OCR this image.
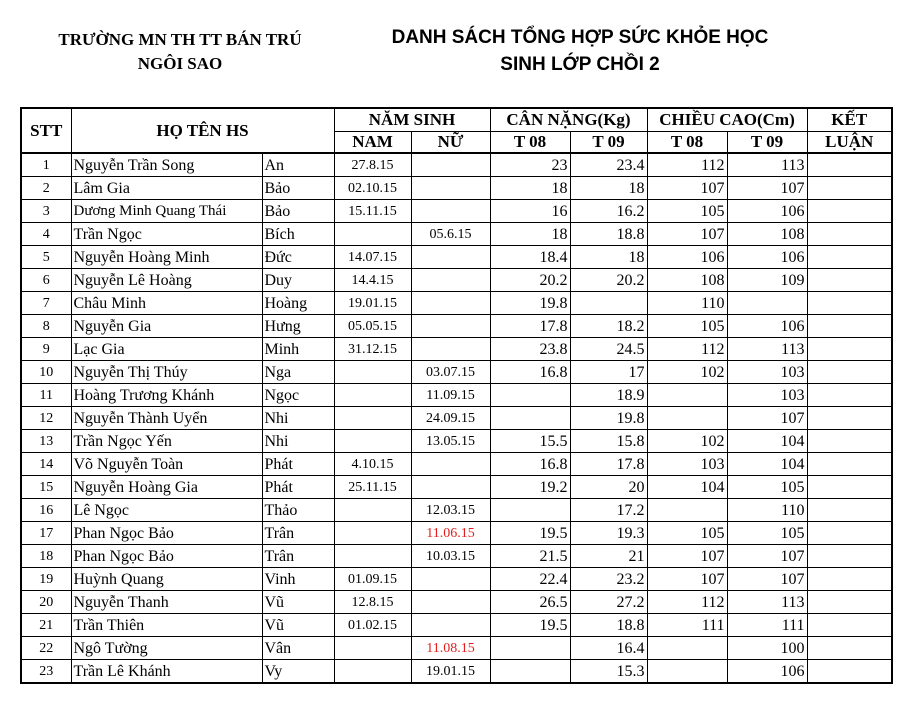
TRƯỜNG MN TH TT BÁN TRÚ
NGÔI SAO
DANH SÁCH TỔNG HỢP SỨC KHỎE HỌC
SINH LỚP CHỒI 2
STT	HỌ TÊN HS		NĂM SINH		CÂN NẶNG(Kg)		CHIỀU CAO(Cm)		KẾT
			NAM	NỮ	T 08	T 09	T 08	T 09	LUẬN
1	Nguyễn Trần Song	An	27.8.15		23	23.4	112	113	
2	Lâm Gia	Bảo	02.10.15		18	18	107	107	
3	Dương Minh Quang Thái	Bảo	15.11.15		16	16.2	105	106	
4	Trần Ngọc	Bích		05.6.15	18	18.8	107	108	
5	Nguyễn Hoàng Minh	Đức	14.07.15		18.4	18	106	106	
6	Nguyễn Lê Hoàng	Duy	14.4.15		20.2	20.2	108	109	
7	Châu Minh	Hoàng	19.01.15		19.8		110		
8	Nguyễn Gia	Hưng	05.05.15		17.8	18.2	105	106	
9	Lạc Gia	Minh	31.12.15		23.8	24.5	112	113	
10	Nguyễn Thị Thúy	Nga		03.07.15	16.8	17	102	103	
11	Hoàng Trương Khánh	Ngọc		11.09.15		18.9		103	
12	Nguyễn Thành Uyển	Nhi		24.09.15		19.8		107	
13	Trần Ngọc Yến	Nhi		13.05.15	15.5	15.8	102	104	
14	Võ Nguyễn Toàn	Phát	4.10.15		16.8	17.8	103	104	
15	Nguyễn Hoàng Gia	Phát	25.11.15		19.2	20	104	105	
16	Lê Ngọc	Thảo		12.03.15		17.2		110	
17	Phan Ngọc Bảo	Trân		11.06.15	19.5	19.3	105	105	
18	Phan Ngọc Bảo	Trân		10.03.15	21.5	21	107	107	
19	Huỳnh Quang	Vinh	01.09.15		22.4	23.2	107	107	
20	Nguyễn Thanh	Vũ	12.8.15		26.5	27.2	112	113	
21	Trần Thiên	Vũ	01.02.15		19.5	18.8	111	111	
22	Ngô Tường	Vân		11.08.15		16.4		100	
23	Trần Lê Khánh	Vy		19.01.15		15.3		106	
